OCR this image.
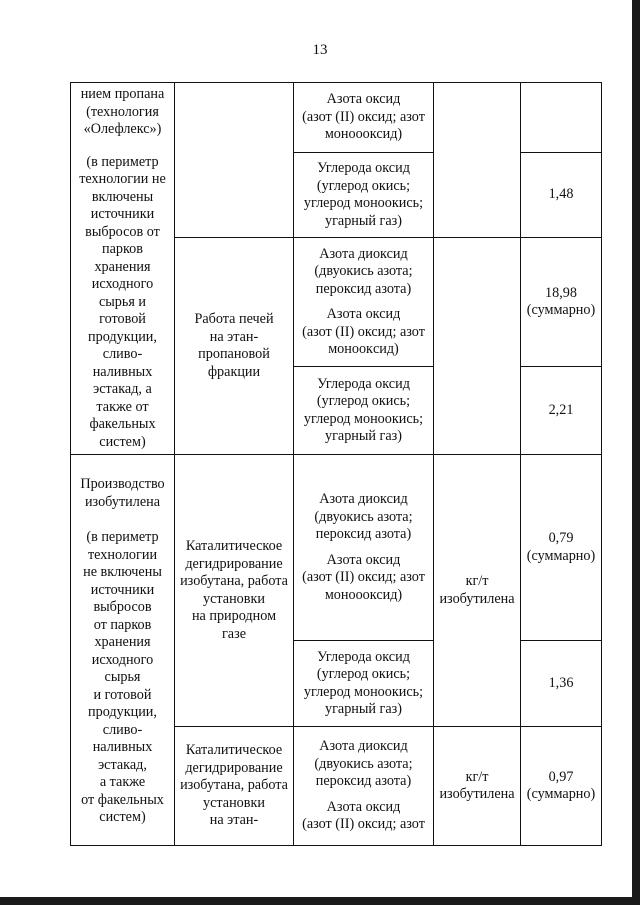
13
нием пропана
(технология
«Олефлекс»)
(в периметр
технологии не
включены
источники
выбросов от
парков
хранения
исходного
сырья и
готовой
продукции,
сливо-
наливных
эстакад, а
также от
факельных
систем)
Работа печей
на этан-
пропановой
фракции
Азота оксид
(азот (II) оксид; азот
моноооксид)
Углерода оксид
(углерод окись;
углерод моноокись;
угарный газ)
Азота диоксид
(двуокись азота;
пероксид азота)
Азота оксид
(азот (II) оксид; азот
моноокcид)
Углерода оксид
(углерод окись;
углерод моноокись;
угарный газ)
1,48
18,98
(суммарно)
2,21
Производство
изобутилена
(в периметр
технологии
не включены
источники
выбросов
от парков
хранения
исходного
сырья
и готовой
продукции,
сливо-
наливных
эстакад,
а также
от факельных
систем)
Каталитическое
дегидрирование
изобутана, работа
установки
на природном
газе
Каталитическое
дегидрирование
изобутана, работа
установки
на этан-
Азота диоксид
(двуокись азота;
пероксид азота)
Азота оксид
(азот (II) оксид; азот
моноооксид)
Углерода оксид
(углерод окись;
углерод моноокись;
угарный газ)
Азота диоксид
(двуокись азота;
пероксид азота)
Азота оксид
(азот (II) оксид; азот
кг/т
изобутилена
кг/т
изобутилена
0,79
(суммарно)
1,36
0,97
(суммарно)
